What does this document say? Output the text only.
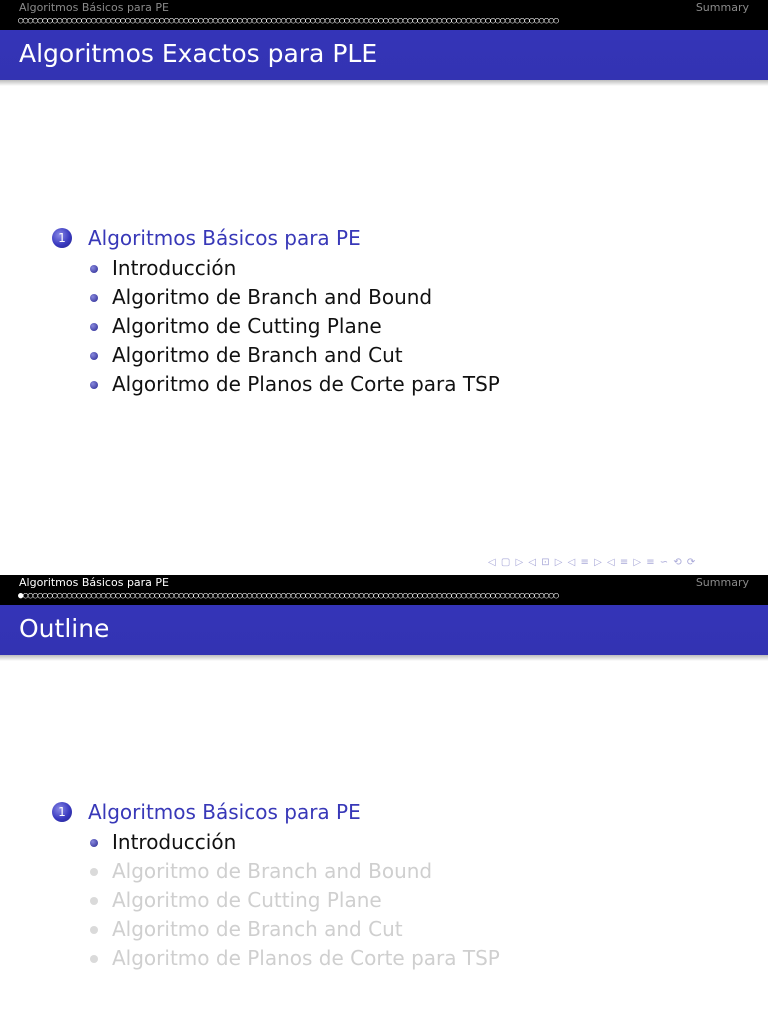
Algoritmos Básicos para PE	Summary
○○○○○○○○○○○○○○○○○○○○○○○○○○○○○○○○○○○○○○○○○○○○○○○○○○○○○○○○○○○○○○○○○○○○○○○○○○○○○○○○○○○○○○○○○○○○○○○○○○○○○○○○○○○○○○○
Algoritmos Exactos para PLE
1	Algoritmos Básicos para PE
Introducción
Algoritmo de Branch and Bound
Algoritmo de Cutting Plane
Algoritmo de Branch and Cut
Algoritmo de Planos de Corte para TSP
◁ ▢ ▷ ◁ ⊡ ▷ ◁ ≡ ▷ ◁ ≡ ▷ ≡ ∽ ⟲ ⟳
Algoritmos Básicos para PE	Summary
●○○○○○○○○○○○○○○○○○○○○○○○○○○○○○○○○○○○○○○○○○○○○○○○○○○○○○○○○○○○○○○○○○○○○○○○○○○○○○○○○○○○○○○○○○○○○○○○○○○○○○○○○○○○○○○
Outline
1	Algoritmos Básicos para PE
Introducción
Algoritmo de Branch and Bound
Algoritmo de Cutting Plane
Algoritmo de Branch and Cut
Algoritmo de Planos de Corte para TSP
